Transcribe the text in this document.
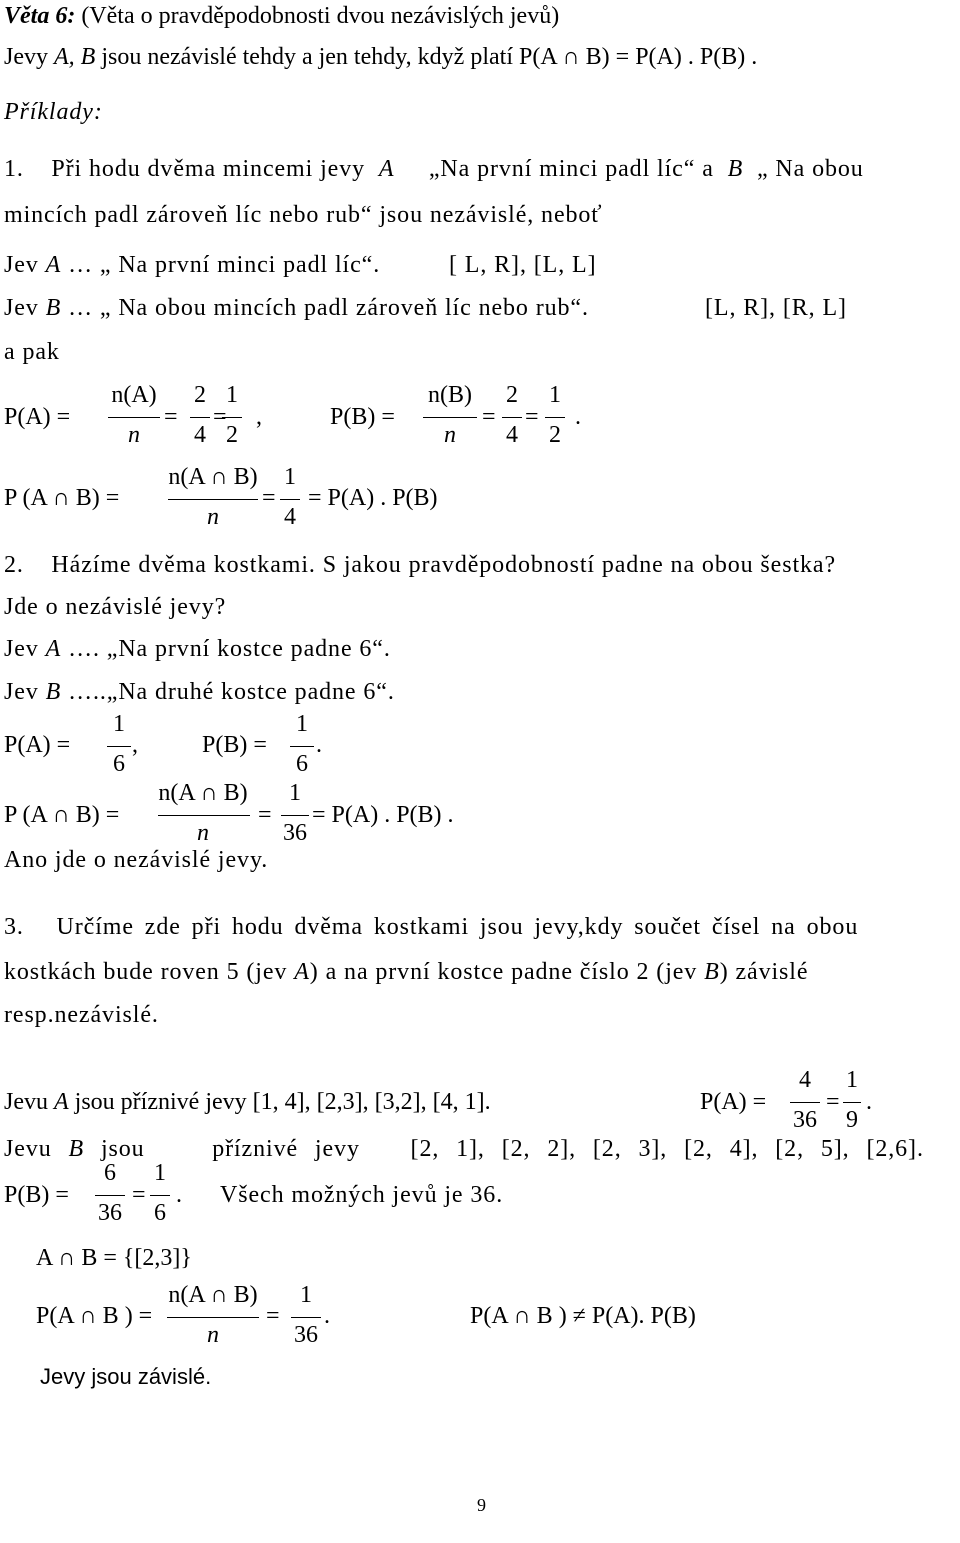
Věta 6: (Věta o pravděpodobnosti dvou nezávislých jevů)
Jevy A, B jsou nezávislé tehdy a jen tehdy, když platí P(A ∩ B) = P(A) . P(B) .
Příklady:
1. Při hodu dvěma mincemi jevy A „Na první minci padl líc“ a B „ Na obou
mincích padl zároveň líc nebo rub“ jsou nezávislé, neboť
Jev A … „ Na první minci padl líc“.	[ L, R], [L, L]
Jev B … „ Na obou mincích padl zároveň líc nebo rub“.	[L, R], [R, L]
a pak
P(A) =
n(A)
n
=
2
4
=
1
2
,	P(B) =
n(B)
n
=
2
4
=
1
2
.
P (A ∩ B) =
n(A ∩ B)
n
=
1
4
= P(A) . P(B)
2. Házíme dvěma kostkami. S jakou pravděpodobností padne na obou šestka?
Jde o nezávislé jevy?
Jev A …. „Na první kostce padne 6“.
Jev B …..„Na druhé kostce padne 6“.
P(A) =
1
6
,	P(B) =
1
6
.
P (A ∩ B) =
n(A ∩ B)
n
=
1
36
= P(A) . P(B) .
Ano jde o nezávislé jevy.
3. Určíme zde při hodu dvěma kostkami jsou jevy,kdy součet čísel na obou
kostkách bude roven 5 (jev A) a na první kostce padne číslo 2 (jev B) závislé
resp.nezávislé.
Jevu A jsou příznivé jevy [1, 4], [2,3], [3,2], [4, 1].	P(A) =
4
36
=
1
9
.
Jevu B jsou	příznivé jevy [2, 1], [2, 2], [2, 3], [2, 4], [2, 5], [2,6].
P(B) =
6
36
=
1
6
. Všech možných jevů je 36.
A ∩ B = {[2,3]}
P(A ∩ B ) =
n(A ∩ B)
n
=
1
36
.	P(A ∩ B ) ≠ P(A). P(B)
Jevy jsou závislé.
9
